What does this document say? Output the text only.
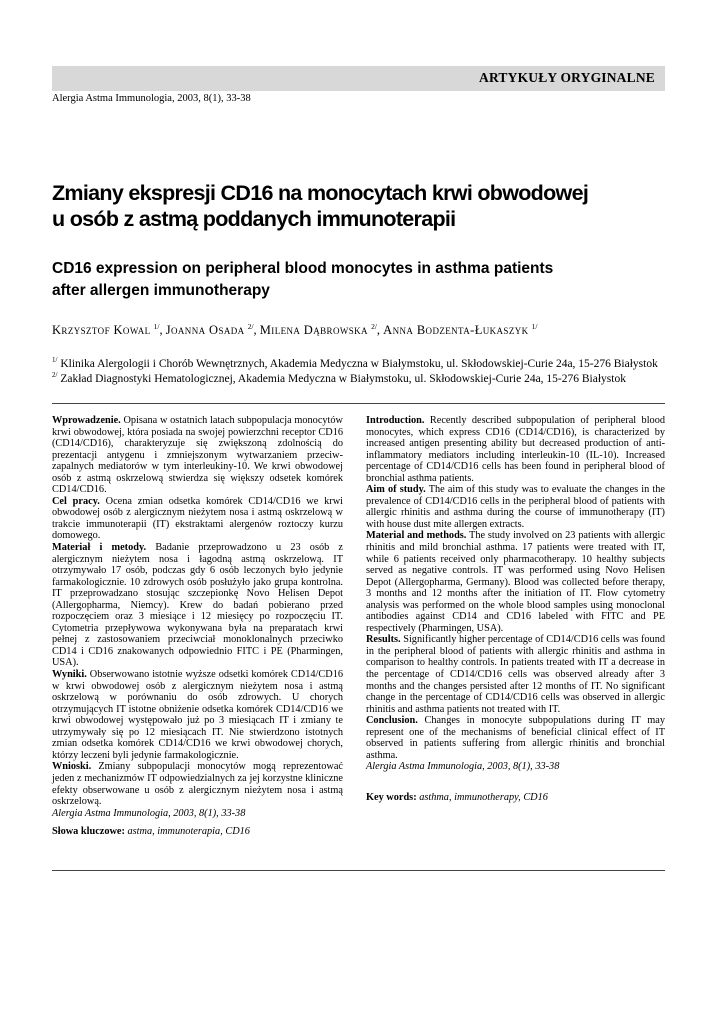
ARTYKUŁY ORYGINALNE
Alergia Astma Immunologia, 2003, 8(1), 33-38
Zmiany ekspresji CD16 na monocytach krwi obwodowej
u osób z astmą poddanych immunoterapii
CD16 expression on peripheral blood monocytes in asthma patients
after allergen immunotherapy
Krzysztof Kowal $^{1/}$, Joanna Osada $^{2/}$, Milena Dąbrowska $^{2/}$, Anna Bodzenta-Łukaszyk $^{1/}$
$^{1/}$ Klinika Alergologii i Chorób Wewnętrznych, Akademia Medyczna w Białymstoku, ul. Skłodowskiej-Curie 24a, 15-276 Białystok
$^{2/}$ Zakład Diagnostyki Hematologicznej, Akademia Medyczna w Białymstoku, ul. Skłodowskiej-Curie 24a, 15-276 Białystok

Wprowadzenie. Opisana w ostatnich latach subpopulacja monocytów krwi obwodowej, która posiada na swojej powierzchni receptor CD16 (CD14/CD16), charakteryzuje się zwiększoną zdolnością do prezentacji antygenu i zmniejszonym wytwarzaniem przeciw-zapalnych mediatorów w tym interleukiny-10. We krwi obwodowej osób z astmą oskrzelową stwierdza się większy odsetek komórek CD14/CD16.

Cel pracy. Ocena zmian odsetka komórek CD14/CD16 we krwi obwodowej osób z alergicznym nieżytem nosa i astmą oskrzelową w trakcie immunoterapii (IT) ekstraktami alergenów roztoczy kurzu domowego.

Materiał i metody. Badanie przeprowadzono u 23 osób z alergicznym nieżytem nosa i łagodną astmą oskrzelową. IT otrzymywało 17 osób, podczas gdy 6 osób leczonych było jedynie farmakologicznie. 10 zdrowych osób posłużyło jako grupa kontrolna. IT przeprowadzano stosując szczepionkę Novo Helisen Depot (Allergopharma, Niemcy). Krew do badań pobierano przed rozpoczęciem oraz 3 miesiące i 12 miesięcy po rozpoczęciu IT. Cytometria przepływowa wykonywana była na preparatach krwi pełnej z zastosowaniem przeciwciał monoklonalnych przeciwko CD14 i CD16 znakowanych odpowiednio FITC i PE (Pharmingen, USA).

Wyniki. Obserwowano istotnie wyższe odsetki komórek CD14/CD16 w krwi obwodowej osób z alergicznym nieżytem nosa i astmą oskrzelową w porównaniu do osób zdrowych. U chorych otrzymujących IT istotne obniżenie odsetka komórek CD14/CD16 we krwi obwodowej występowało już po 3 miesiącach IT i zmiany te utrzymywały się po 12 miesiącach IT. Nie stwierdzono istotnych zmian odsetka komórek CD14/CD16 we krwi obwodowej chorych, którzy leczeni byli jedynie farmakologicznie.

Wnioski. Zmiany subpopulacji monocytów mogą reprezentować jeden z mechanizmów IT odpowiedzialnych za jej korzystne kliniczne efekty obserwowane u osób z alergicznym nieżytem nosa i astmą oskrzelową.

Alergia Astma Immunologia, 2003, 8(1), 33-38

Słowa kluczowe: astma, immunoterapia, CD16

Introduction. Recently described subpopulation of peripheral blood monocytes, which express CD16 (CD14/CD16), is characterized by increased antigen presenting ability but decreased production of anti-inflammatory mediators including interleukin-10 (IL-10). Increased percentage of CD14/CD16 cells has been found in peripheral blood of bronchial asthma patients.

Aim of study. The aim of this study was to evaluate the changes in the prevalence of CD14/CD16 cells in the peripheral blood of patients with allergic rhinitis and asthma during the course of immunotherapy (IT) with house dust mite allergen extracts.

Material and methods. The study involved on 23 patients with allergic rhinitis and mild bronchial asthma. 17 patients were treated with IT, while 6 patients received only pharmacotherapy. 10 healthy subjects served as negative controls. IT was performed using Novo Helisen Depot (Allergopharma, Germany). Blood was collected before therapy, 3 months and 12 months after the initiation of IT. Flow cytometry analysis was performed on the whole blood samples using monoclonal antibodies against CD14 and CD16 labeled with FITC and PE respectively (Pharmingen, USA).

Results. Significantly higher percentage of CD14/CD16 cells was found in the peripheral blood of patients with allergic rhinitis and asthma in comparison to healthy controls. In patients treated with IT a decrease in the percentage of CD14/CD16 cells was observed already after 3 months and the changes persisted after 12 months of IT. No significant change in the percentage of CD14/CD16 cells was observed in allergic rhinitis and asthma patients not treated with IT.

Conclusion. Changes in monocyte subpopulations during IT may represent one of the mechanisms of beneficial clinical effect of IT observed in patients suffering from allergic rhinitis and bronchial asthma.

Alergia Astma Immunologia, 2003, 8(1), 33-38

Key words: asthma, immunotherapy, CD16
